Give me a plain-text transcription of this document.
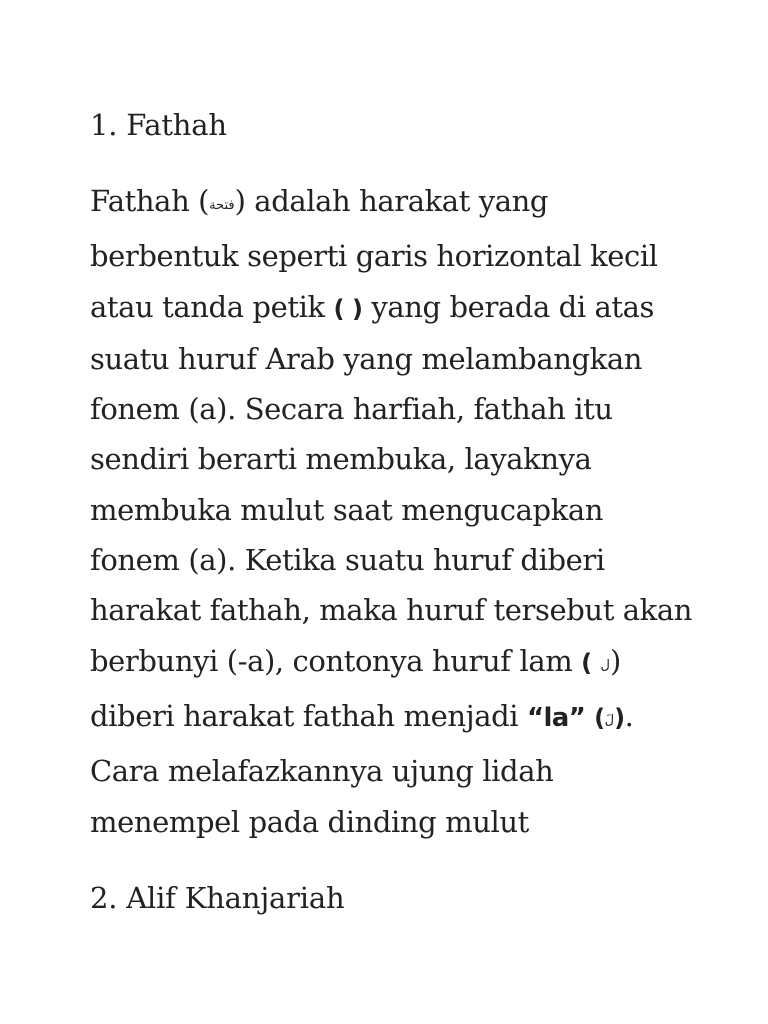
1. Fathah

Fathah (فتحة) adalah harakat yang berbentuk seperti garis horizontal kecil atau tanda petik ( ) yang berada di atas suatu huruf Arab yang melambangkan fonem (a). Secara harfiah, fathah itu sendiri berarti membuka, layaknya membuka mulut saat mengucapkan fonem (a). Ketika suatu huruf diberi harakat fathah, maka huruf tersebut akan berbunyi (-a), contonya huruf lam ( ل) diberi harakat fathah menjadi “la” (لَ). Cara melafazkannya ujung lidah menempel pada dinding mulut

2. Alif Khanjariah
